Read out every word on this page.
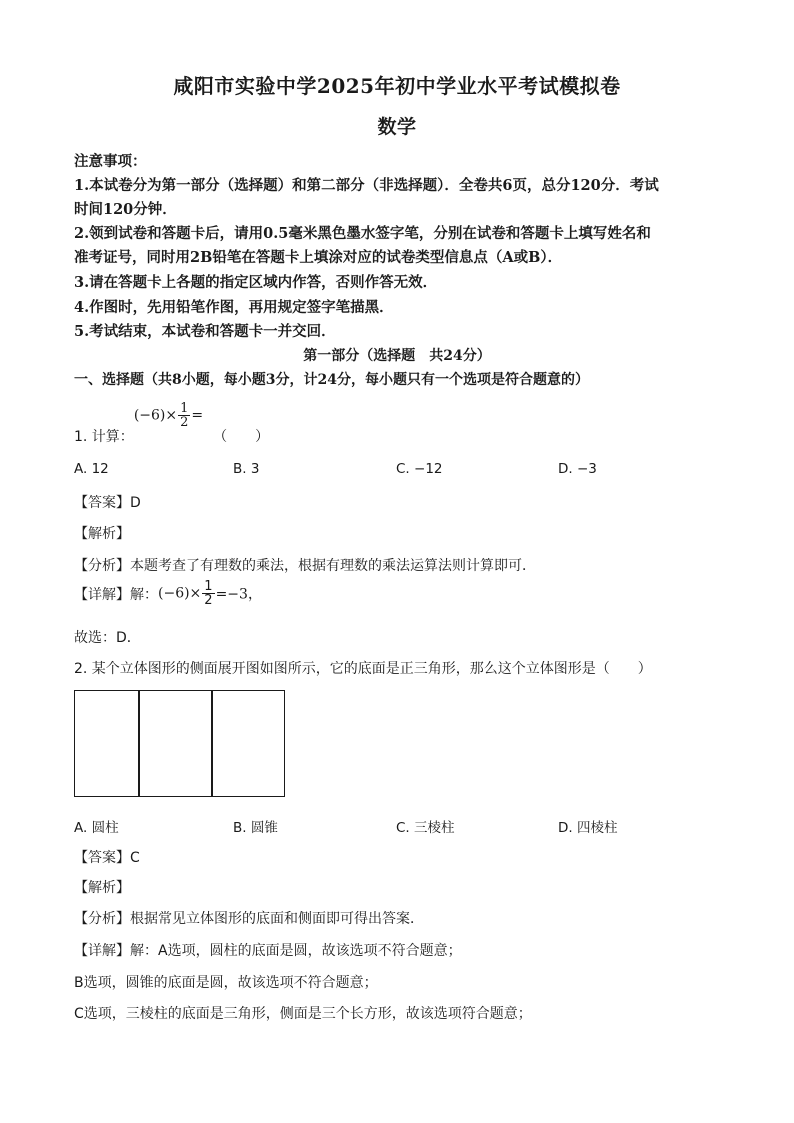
咸阳市实验中学2025年初中学业水平考试模拟卷
数学
注意事项：
1.本试卷分为第一部分（选择题）和第二部分（非选择题）．全卷共6页，总分120分．考试
时间120分钟．
2.领到试卷和答题卡后，请用0.5毫米黑色墨水签字笔，分别在试卷和答题卡上填写姓名和
准考证号，同时用2B铅笔在答题卡上填涂对应的试卷类型信息点（A或B）．
3.请在答题卡上各题的指定区域内作答，否则作答无效．
4.作图时，先用铅笔作图，再用规定签字笔描黑．
5.考试结束，本试卷和答题卡一并交回．
第一部分（选择题　共24分）
一、选择题（共8小题，每小题3分，计24分，每小题只有一个选项是符合题意的）
1. 计算：$(-6)\times \frac{1}{2}$ =（　　）
A. 12	B. 3	C. −12	D. −3
【答案】D
【解析】
【分析】本题考查了有理数的乘法，根据有理数的乘法运算法则计算即可．
【详解】解：$(-6)\times \frac{1}{2} =-3$，
故选：D．
2. 某个立体图形的侧面展开图如图所示，它的底面是正三角形，那么这个立体图形是（　　）
A. 圆柱	B. 圆锥	C. 三棱柱	D. 四棱柱
【答案】C
【解析】
【分析】根据常见立体图形的底面和侧面即可得出答案．
【详解】解：A选项，圆柱的底面是圆，故该选项不符合题意；
B选项，圆锥的底面是圆，故该选项不符合题意；
C选项，三棱柱的底面是三角形，侧面是三个长方形，故该选项符合题意；
